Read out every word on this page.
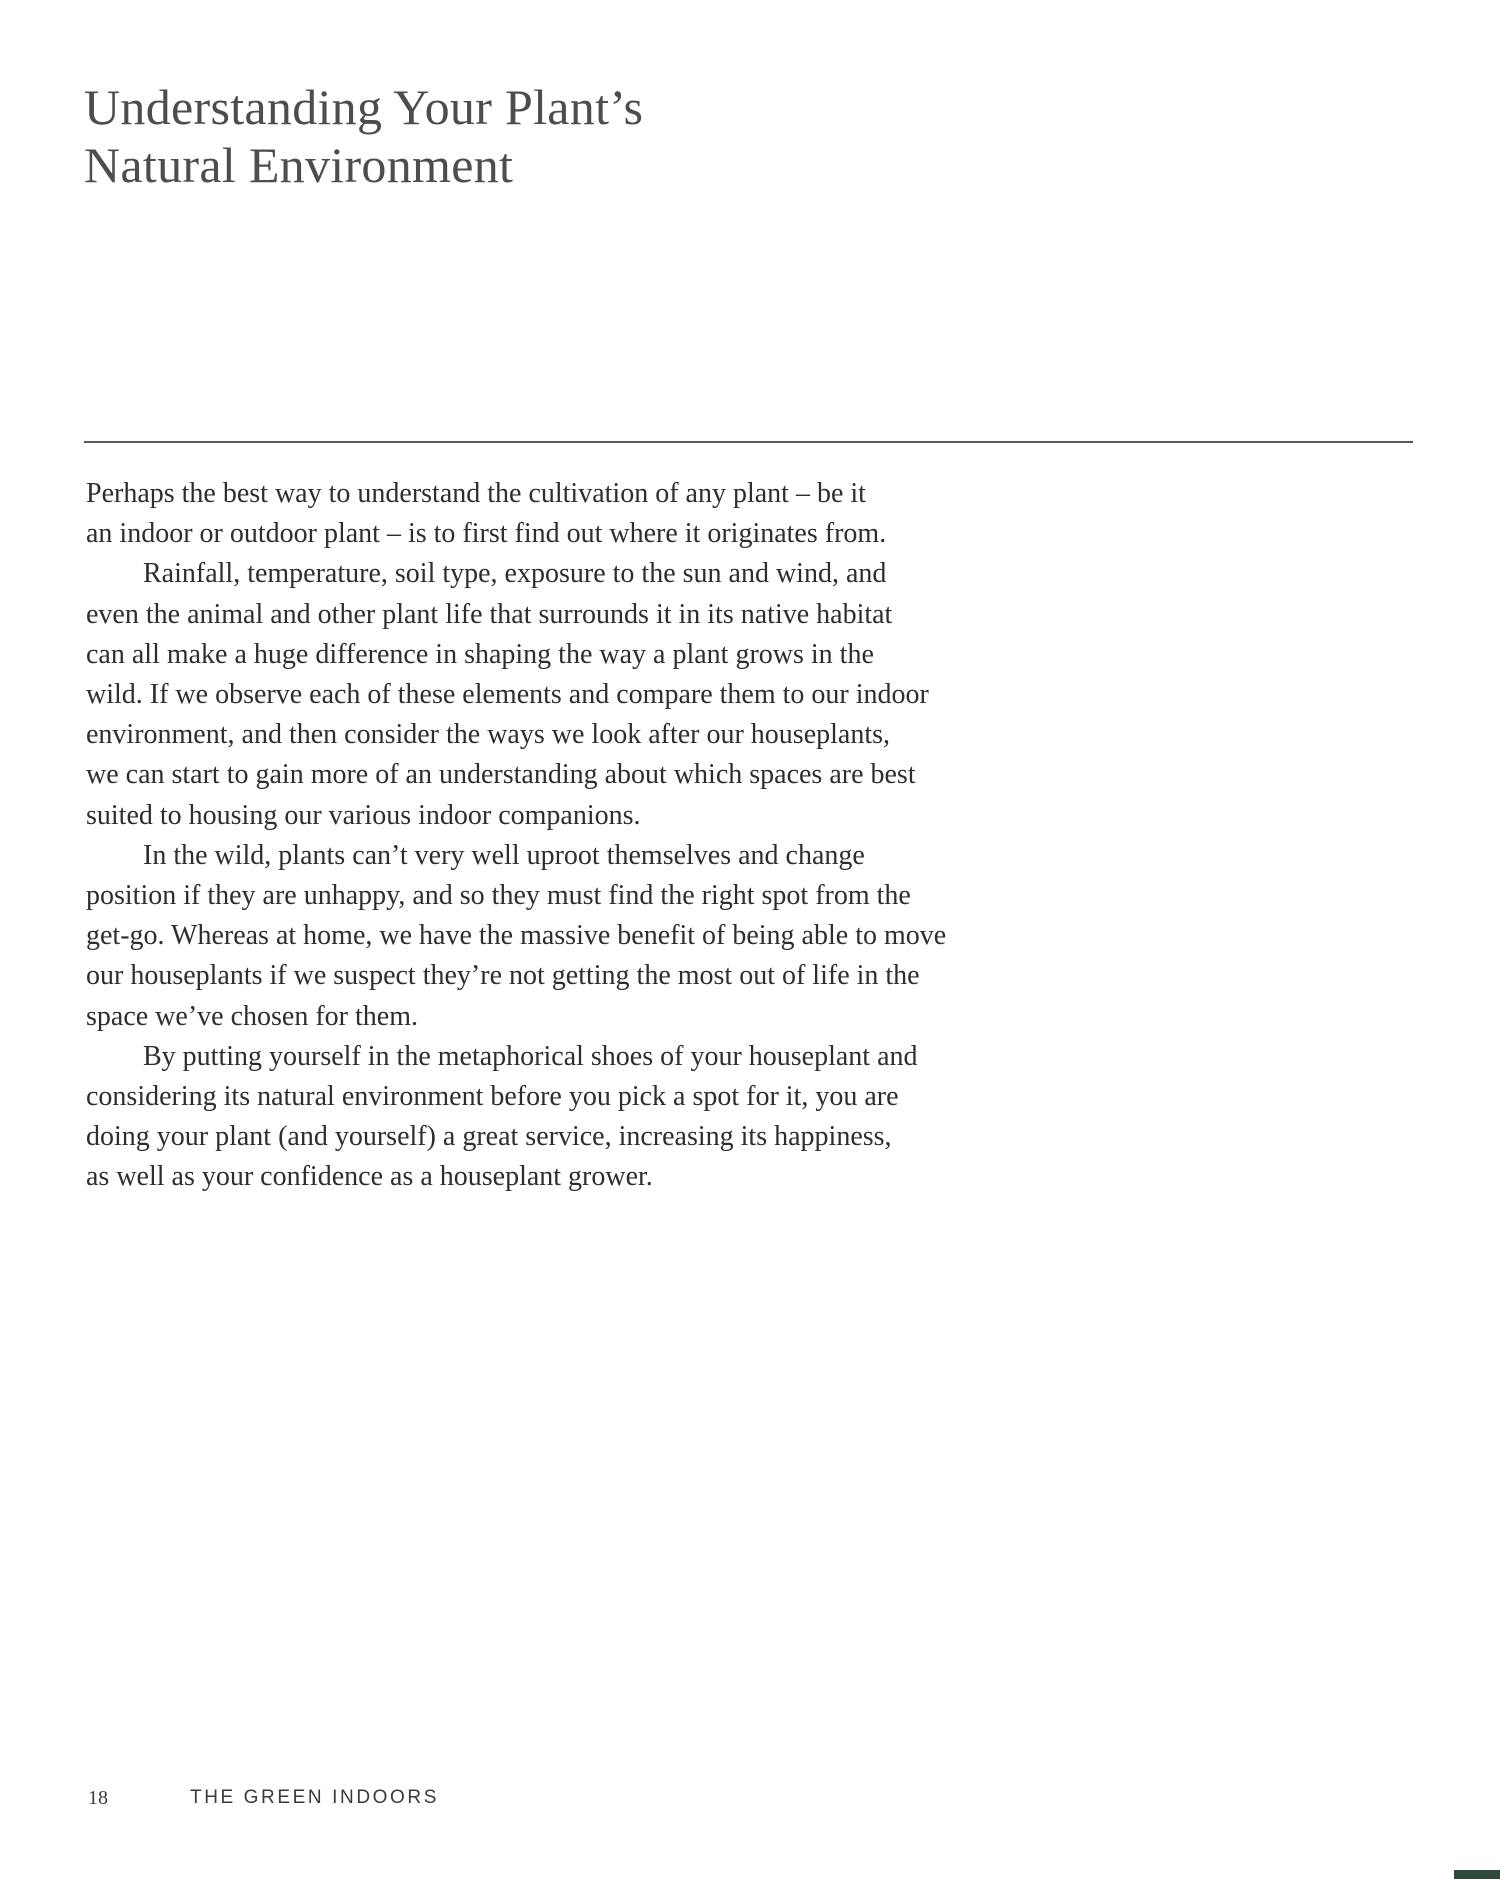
Understanding Your Plant’s
Natural Environment
Perhaps the best way to understand the cultivation of any plant – be it
an indoor or outdoor plant – is to first find out where it originates from.
Rainfall, temperature, soil type, exposure to the sun and wind, and
even the animal and other plant life that surrounds it in its native habitat
can all make a huge difference in shaping the way a plant grows in the
wild. If we observe each of these elements and compare them to our indoor
environment, and then consider the ways we look after our houseplants,
we can start to gain more of an understanding about which spaces are best
suited to housing our various indoor companions.
In the wild, plants can’t very well uproot themselves and change
position if they are unhappy, and so they must find the right spot from the
get-go. Whereas at home, we have the massive benefit of being able to move
our houseplants if we suspect they’re not getting the most out of life in the
space we’ve chosen for them.
By putting yourself in the metaphorical shoes of your houseplant and
considering its natural environment before you pick a spot for it, you are
doing your plant (and yourself) a great service, increasing its happiness,
as well as your confidence as a houseplant grower.
18	THE GREEN INDOORS
